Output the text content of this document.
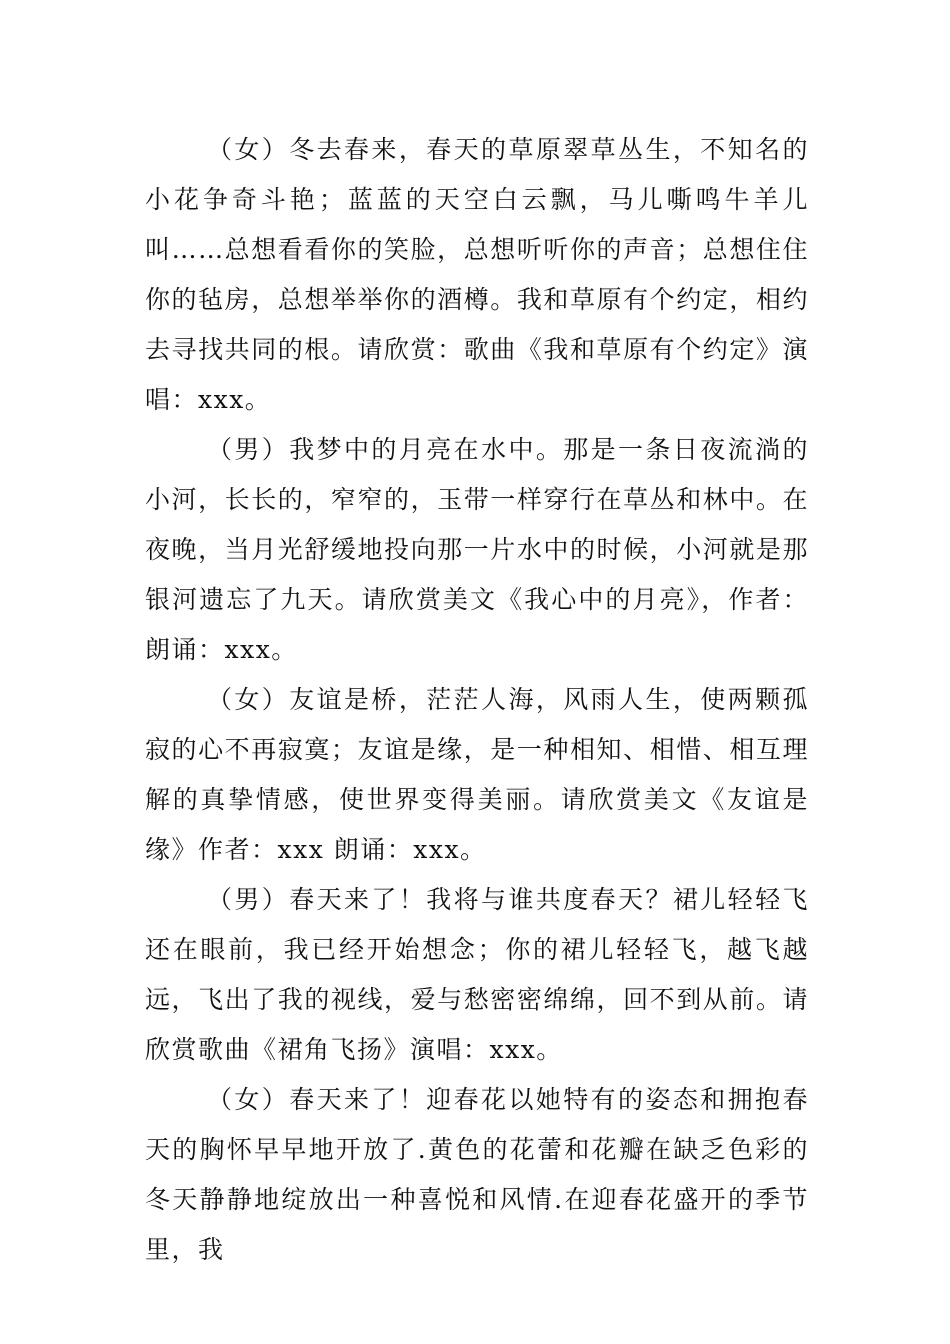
（女）冬去春来，春天的草原翠草丛生，不知名的小花争奇斗艳；蓝蓝的天空白云飘，马儿嘶鸣牛羊儿叫……总想看看你的笑脸，总想听听你的声音；总想住住你的毡房，总想举举你的酒樽。我和草原有个约定，相约去寻找共同的根。请欣赏：歌曲《我和草原有个约定》演唱：xxx。

（男）我梦中的月亮在水中。那是一条日夜流淌的小河，长长的，窄窄的，玉带一样穿行在草丛和林中。在夜晚，当月光舒缓地投向那一片水中的时候，小河就是那银河遗忘了九天。请欣赏美文《我心中的月亮》，作者：朗诵：xxx。

（女）友谊是桥，茫茫人海，风雨人生，使两颗孤寂的心不再寂寞；友谊是缘，是一种相知、相惜、相互理解的真挚情感，使世界变得美丽。请欣赏美文《友谊是缘》作者：xxx 朗诵：xxx。

（男）春天来了！我将与谁共度春天？裙儿轻轻飞还在眼前，我已经开始想念；你的裙儿轻轻飞，越飞越远，飞出了我的视线，爱与愁密密绵绵，回不到从前。请欣赏歌曲《裙角飞扬》演唱：xxx。

（女）春天来了！迎春花以她特有的姿态和拥抱春天的胸怀早早地开放了.黄色的花蕾和花瓣在缺乏色彩的冬天静静地绽放出一种喜悦和风情.在迎春花盛开的季节里，我
